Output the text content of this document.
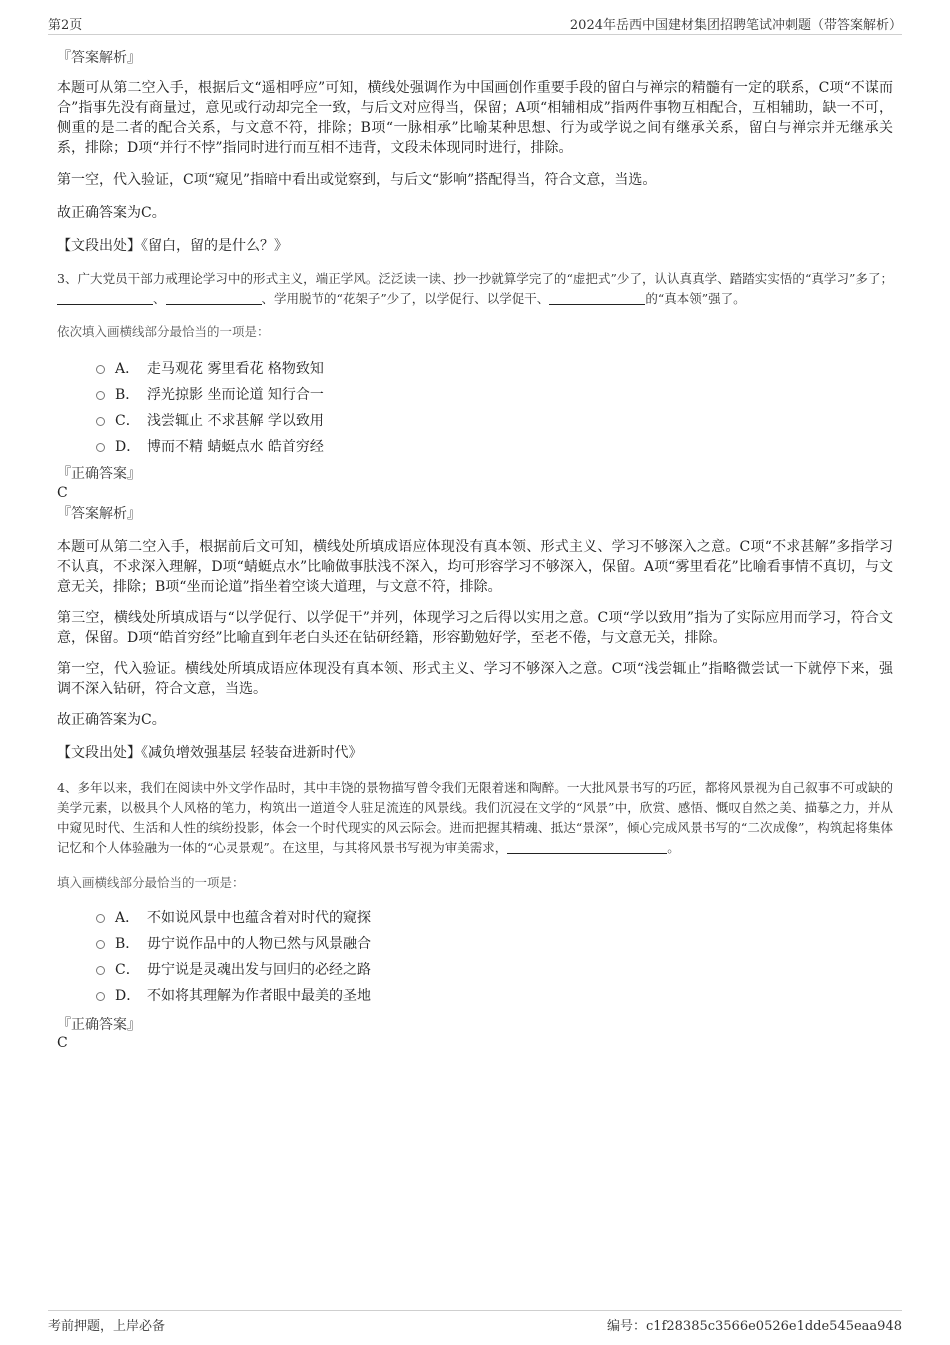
第2页	2024年岳西中国建材集团招聘笔试冲刺题（带答案解析）
『答案解析』
本题可从第二空入手，根据后文“遥相呼应”可知，横线处强调作为中国画创作重要手段的留白与禅宗的精髓有一定的联系，C项“不谋而合”指事先没有商量过，意见或行动却完全一致，与后文对应得当，保留；A项“相辅相成”指两件事物互相配合，互相辅助，缺一不可，侧重的是二者的配合关系，与文意不符，排除；B项“一脉相承”比喻某种思想、行为或学说之间有继承关系，留白与禅宗并无继承关系，排除；D项“并行不悖”指同时进行而互相不违背，文段未体现同时进行，排除。
第一空，代入验证，C项“窥见”指暗中看出或觉察到，与后文“影响”搭配得当，符合文意，当选。
故正确答案为C。
【文段出处】《留白，留的是什么？》
3、广大党员干部力戒理论学习中的形式主义，端正学风。泛泛读一读、抄一抄就算学完了的“虚把式”少了，认认真真学、踏踏实实悟的“真学习”多了；、	、学用脱节的“花架子”少了，以学促行、以学促干、	的“真本领”强了。
依次填入画横线部分最恰当的一项是：
A． 走马观花 雾里看花 格物致知
B． 浮光掠影 坐而论道 知行合一
C． 浅尝辄止 不求甚解 学以致用
D． 博而不精 蜻蜓点水 皓首穷经
『正确答案』
C
『答案解析』
本题可从第二空入手，根据前后文可知，横线处所填成语应体现没有真本领、形式主义、学习不够深入之意。C项“不求甚解”多指学习不认真，不求深入理解，D项“蜻蜓点水”比喻做事肤浅不深入，均可形容学习不够深入，保留。A项“雾里看花”比喻看事情不真切，与文意无关，排除；B项“坐而论道”指坐着空谈大道理，与文意不符，排除。
第三空，横线处所填成语与“以学促行、以学促干”并列，体现学习之后得以实用之意。C项“学以致用”指为了实际应用而学习，符合文意，保留。D项“皓首穷经”比喻直到年老白头还在钻研经籍，形容勤勉好学，至老不倦，与文意无关，排除。
第一空，代入验证。横线处所填成语应体现没有真本领、形式主义、学习不够深入之意。C项“浅尝辄止”指略微尝试一下就停下来，强调不深入钻研，符合文意，当选。
故正确答案为C。
【文段出处】《减负增效强基层 轻装奋进新时代》
4、多年以来，我们在阅读中外文学作品时，其中丰饶的景物描写曾令我们无限着迷和陶醉。一大批风景书写的巧匠，都将风景视为自己叙事不可或缺的美学元素，以极具个人风格的笔力，构筑出一道道令人驻足流连的风景线。我们沉浸在文学的“风景”中，欣赏、感悟、慨叹自然之美、描摹之力，并从中窥见时代、生活和人性的缤纷投影，体会一个时代现实的风云际会。进而把握其精魂、抵达“景深”，倾心完成风景书写的“二次成像”，构筑起将集体记忆和个人体验融为一体的“心灵景观”。在这里，与其将风景书写视为审美需求，	。
填入画横线部分最恰当的一项是：
A． 不如说风景中也蕴含着对时代的窥探
B． 毋宁说作品中的人物已然与风景融合
C． 毋宁说是灵魂出发与回归的必经之路
D． 不如将其理解为作者眼中最美的圣地
『正确答案』
C
考前押题，上岸必备	编号：c1f28385c3566e0526e1dde545eaa948
